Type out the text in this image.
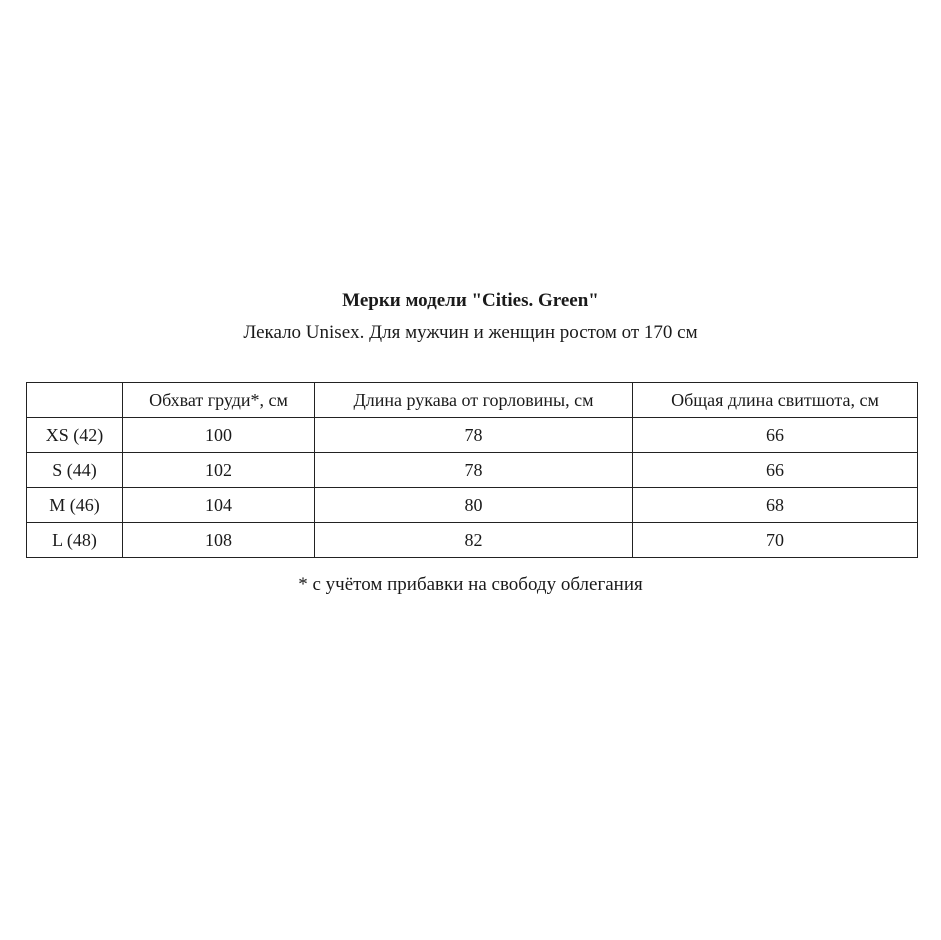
Мерки модели "Cities. Green"
Лекало Unisex. Для мужчин и женщин ростом от 170 см
	Обхват груди*, см	Длина рукава от горловины, см	Общая длина свитшота, см
XS (42)	100	78	66
S (44)	102	78	66
M (46)	104	80	68
L (48)	108	82	70
* с учётом прибавки на свободу облегания
